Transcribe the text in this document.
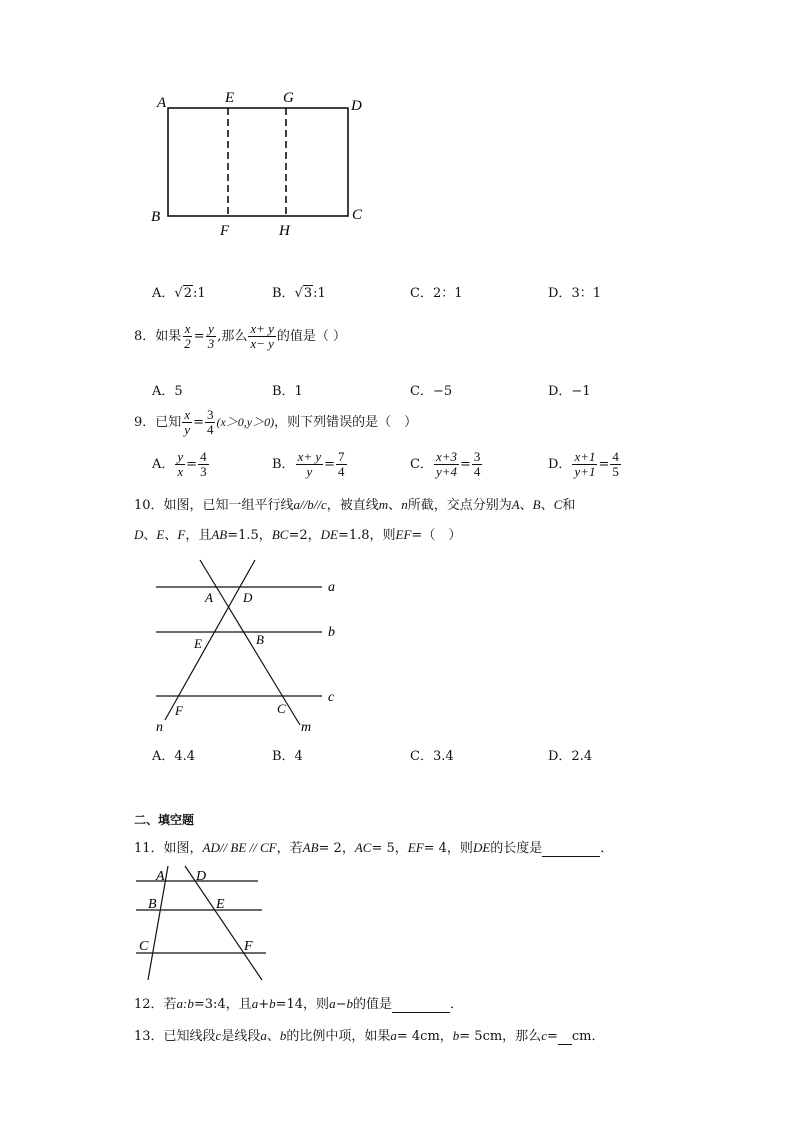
A	E	G	D
B
F	H
C
A．√2:1	B．√3:1	C．2：1	D．3：1
8．如果 $\frac{x}{2} = \frac{y}{3}$ ,那么 $\frac{x+ y}{x- y}$ 的值是（ ）
A．5	B．1	C．−5	D．−1
9．已知 $\frac{x}{y} = \frac{3}{4} (x>0,y>0)$，则下列错误的是（　）
A． $\frac{y}{x} = \frac{4}{3}$	B． $\frac{x+ y}{y} = \frac{7}{4}$	C． $\frac{x+3}{y+4} = \frac{3}{4}$	D． $\frac{x+1}{y+1} = \frac{4}{5}$
10．如图，已知一组平行线a//b//c，被直线m、n所截，交点分别为A、B、C和
D、E、F，且AB=1.5，BC=2，DE=1.8，则EF=（　）
a
b
c
A D
E	B
F	C
n	m
A．4.4	B．4	C．3.4	D．2.4
二、填空题
11．如图，AD// BE // CF，若AB= 2，AC= 5，EF= 4，则DE的长度是	．
A D
B	E
C	F
12．若a:b=3:4，且a+b=14，则a−b的值是	．
13．已知线段c是线段a、b的比例中项，如果a= 4cm，b= 5cm，那么c= cm．
